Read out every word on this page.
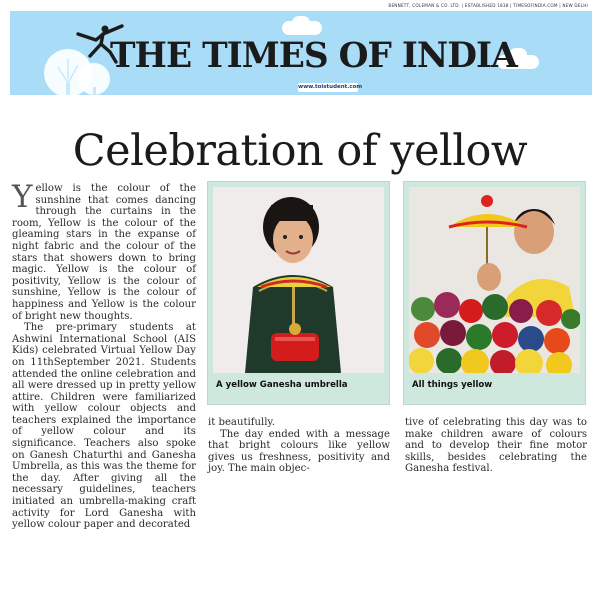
BENNETT, COLEMAN & CO. LTD. | ESTABLISHED 1838 | TIMESOFINDIA.COM | NEW DELHI
THE TIMES OF INDIA
www.toistudent.com
Celebration of yellow

Yellow is the colour of the sunshine that comes dancing through the curtains in the room, Yellow is the colour of the gleaming stars in the expanse of night fabric and the colour of the stars that showers down to bring magic. Yellow is the colour of positivity, Yellow is the colour of sunshine, Yellow is the colour of happiness and Yellow is the colour of bright new thoughts.

The pre-primary students at Ashwini International School (AIS Kids) celebrated Virtual Yellow Day on 11thSeptember 2021. Students attended the online celebration and all were dressed up in pretty yellow attire. Children were familiarized with yellow colour objects and teachers explained the importance of yellow colour and its significance. Teachers also spoke on Ganesh Chaturthi and Ganesha Umbrella, as this was the theme for the day. After giving all the necessary guidelines, teachers initiated an umbrella-making craft activity for Lord Ganesha with yellow colour paper and decorated

A yellow Ganesha umbrella	All things yellow

it beautifully.

The day ended with a message that bright colours like yellow gives us freshness, positivity and joy. The main objec-

tive of celebrating this day was to make children aware of colours and to develop their fine motor skills, besides celebrating the Ganesha festival.
